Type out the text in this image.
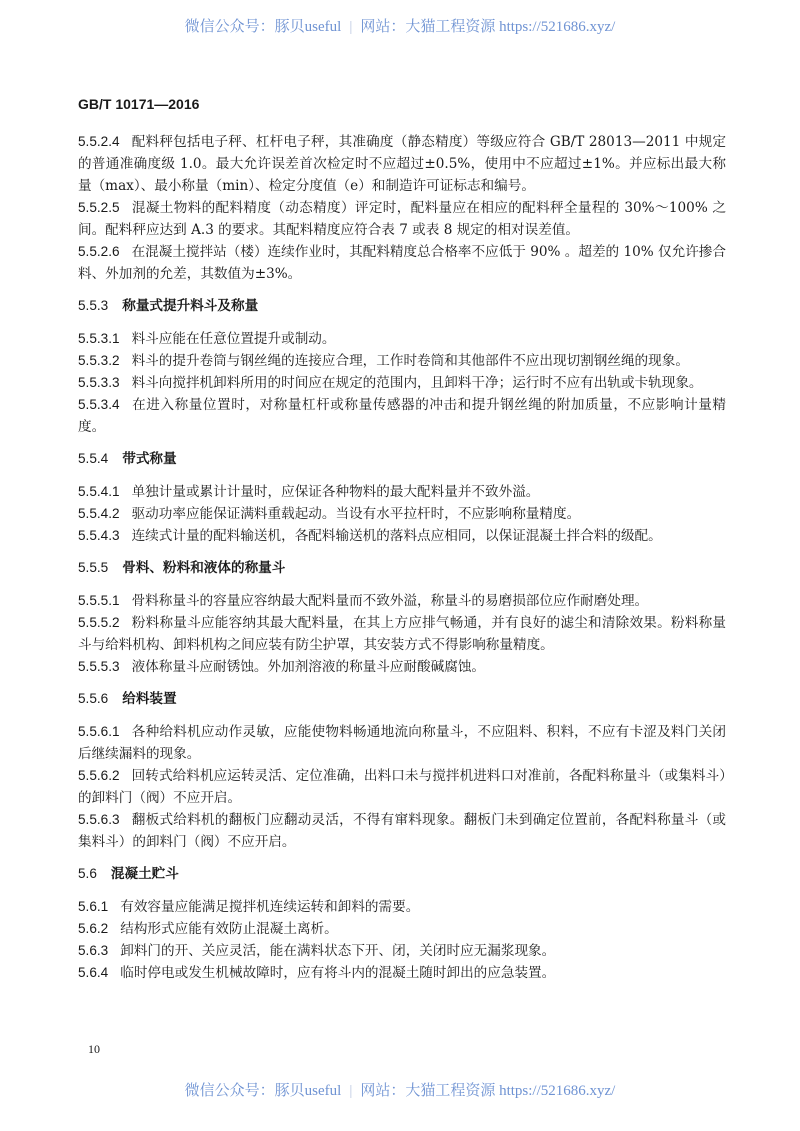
微信公众号：豚贝useful | 网站：大猫工程资源 https://521686.xyz/
GB/T 10171—2016
5.5.2.4 配料秤包括电子秤、杠杆电子秤，其准确度（静态精度）等级应符合 GB/T 28013—2011 中规定的普通准确度级 1.0。最大允许误差首次检定时不应超过±0.5%，使用中不应超过±1%。并应标出最大称量（max）、最小称量（min）、检定分度值（e）和制造许可证标志和编号。
5.5.2.5 混凝土物料的配料精度（动态精度）评定时，配料量应在相应的配料秤全量程的 30%～100% 之间。配料秤应达到 A.3 的要求。其配料精度应符合表 7 或表 8 规定的相对误差值。
5.5.2.6 在混凝土搅拌站（楼）连续作业时，其配料精度总合格率不应低于 90% 。超差的 10% 仅允许掺合料、外加剂的允差，其数值为±3%。
5.5.3 称量式提升料斗及称量
5.5.3.1 料斗应能在任意位置提升或制动。
5.5.3.2 料斗的提升卷筒与钢丝绳的连接应合理，工作时卷筒和其他部件不应出现切割钢丝绳的现象。
5.5.3.3 料斗向搅拌机卸料所用的时间应在规定的范围内，且卸料干净；运行时不应有出轨或卡轨现象。
5.5.3.4 在进入称量位置时，对称量杠杆或称量传感器的冲击和提升钢丝绳的附加质量，不应影响计量精度。
5.5.4 带式称量
5.5.4.1 单独计量或累计计量时，应保证各种物料的最大配料量并不致外溢。
5.5.4.2 驱动功率应能保证满料重载起动。当设有水平拉杆时，不应影响称量精度。
5.5.4.3 连续式计量的配料输送机，各配料输送机的落料点应相同，以保证混凝土拌合料的级配。
5.5.5 骨料、粉料和液体的称量斗
5.5.5.1 骨料称量斗的容量应容纳最大配料量而不致外溢，称量斗的易磨损部位应作耐磨处理。
5.5.5.2 粉料称量斗应能容纳其最大配料量，在其上方应排气畅通，并有良好的滤尘和清除效果。粉料称量斗与给料机构、卸料机构之间应装有防尘护罩，其安装方式不得影响称量精度。
5.5.5.3 液体称量斗应耐锈蚀。外加剂溶液的称量斗应耐酸碱腐蚀。
5.5.6 给料装置
5.5.6.1 各种给料机应动作灵敏，应能使物料畅通地流向称量斗，不应阻料、积料，不应有卡涩及料门关闭后继续漏料的现象。
5.5.6.2 回转式给料机应运转灵活、定位准确，出料口未与搅拌机进料口对准前，各配料称量斗（或集料斗）的卸料门（阀）不应开启。
5.5.6.3 翻板式给料机的翻板门应翻动灵活，不得有窜料现象。翻板门未到确定位置前，各配料称量斗（或集料斗）的卸料门（阀）不应开启。
5.6 混凝土贮斗
5.6.1 有效容量应能满足搅拌机连续运转和卸料的需要。
5.6.2 结构形式应能有效防止混凝土离析。
5.6.3 卸料门的开、关应灵活，能在满料状态下开、闭，关闭时应无漏浆现象。
5.6.4 临时停电或发生机械故障时，应有将斗内的混凝土随时卸出的应急装置。
10
微信公众号：豚贝useful | 网站：大猫工程资源 https://521686.xyz/
